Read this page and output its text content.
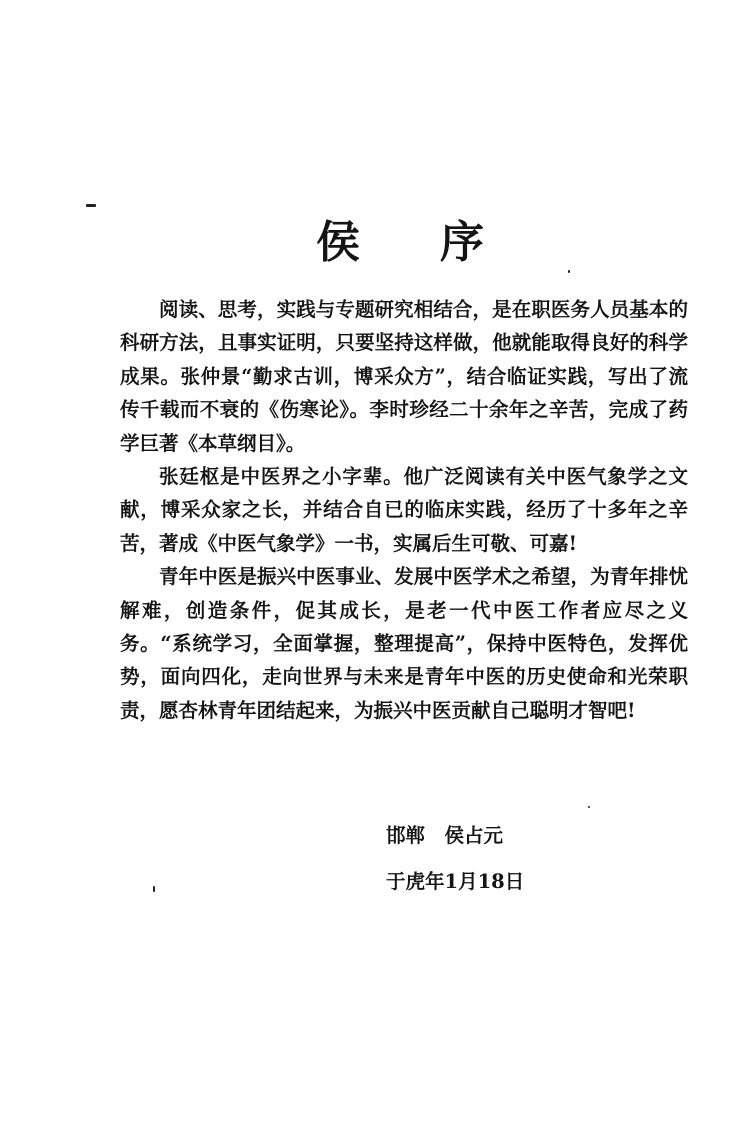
侯 序

阅读、思考，实践与专题研究相结合，是在职医务人员基本的科研方法，且事实证明，只要坚持这样做，他就能取得良好的科学成果。张仲景“勤求古训，博采众方”，结合临证实践，写出了流传千载而不衰的《伤寒论》。李时珍经二十余年之辛苦，完成了药学巨著《本草纲目》。

张廷枢是中医界之小字辈。他广泛阅读有关中医气象学之文献，博采众家之长，并结合自已的临床实践，经历了十多年之辛苦，著成《中医气象学》一书，实属后生可敬、可嘉!

青年中医是振兴中医事业、发展中医学术之希望，为青年排忧解难，创造条件，促其成长，是老一代中医工作者应尽之义务。“系统学习，全面掌握，整理提高”，保持中医特色，发挥优势，面向四化，走向世界与未来是青年中医的历史使命和光荣职责，愿杏林青年团结起来，为振兴中医贡献自己聪明才智吧!

邯郸　侯占元
于虎年1月18日
